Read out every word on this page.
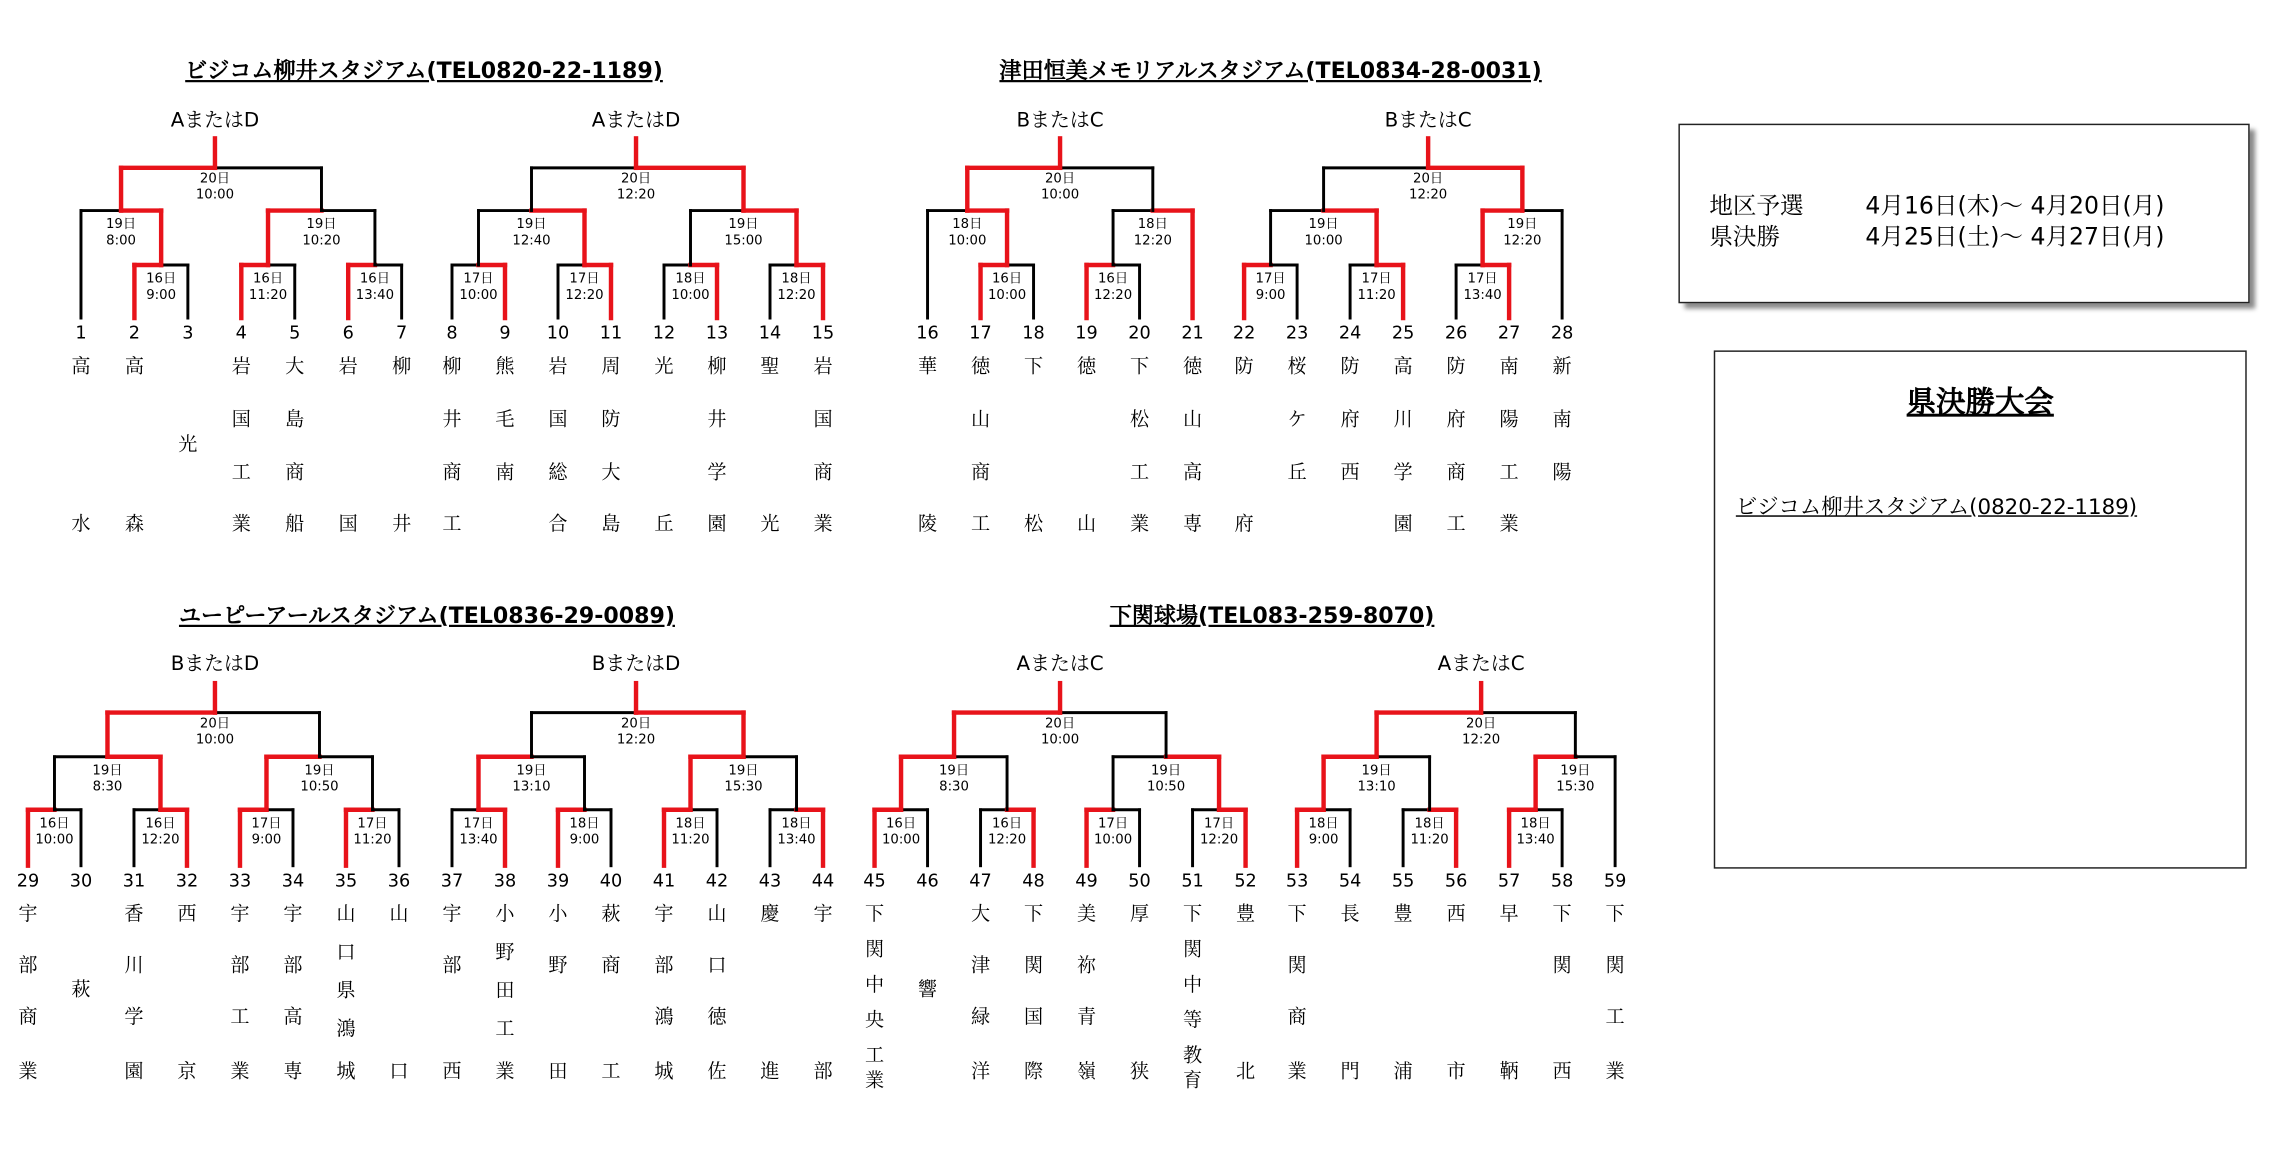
ビジコム柳井スタジアム(TEL0820-22-1189)
AまたはD
1
高水
2
高森
3
光
4
岩国工業
5
大島商船
6
岩国
7
柳井
16日 9:00
16日 11:20
16日 13:40
19日 8:00
19日 10:20
20日 10:00
AまたはD
8
柳井商工
9
熊毛南
10
岩国総合
11
周防大島
12
光丘
13
柳井学園
14
聖光
15
岩国商業
17日 10:00
17日 12:20
18日 10:00
18日 12:20
19日 12:40
19日 15:00
20日 12:20
津田恒美メモリアルスタジアム(TEL0834-28-0031)
BまたはC
16
華陵
17
徳山商工
18
下松
19
徳山
20
下松工業
21
徳山高専
16日 10:00
16日 12:20
18日 10:00
18日 12:20
20日 10:00
BまたはC
22
防府
23
桜ケ丘
24
防府西
25
高川学園
26
防府商工
27
南陽工業
28
新南陽
17日 9:00
17日 11:20
17日 13:40
19日 10:00
19日 12:20
20日 12:20
ユーピーアールスタジアム(TEL0836-29-0089)
BまたはD
29
宇部商業
30
萩
31
香川学園
32
西京
33
宇部工業
34
宇部高専
35
山口県鴻城
36
山口
16日 10:00
16日 12:20
17日 9:00
17日 11:20
19日 8:30
19日 10:50
20日 10:00
BまたはD
37
宇部西
38
小野田工業
39
小野田
40
萩商工
41
宇部鴻城
42
山口徳佐
43
慶進
44
宇部
17日 13:40
18日 9:00
18日 11:20
18日 13:40
19日 13:10
19日 15:30
20日 12:20
下関球場(TEL083-259-8070)
AまたはC
45
下関中央工業
46
響
47
大津緑洋
48
下関国際
49
美祢青嶺
50
厚狭
51
下関中等教育
52
豊北
16日 10:00
16日 12:20
17日 10:00
17日 12:20
19日 8:30
19日 10:50
20日 10:00
AまたはC
53
下関商業
54
長門
55
豊浦
56
西市
57
早鞆
58
下関西
59
下関工業
18日 9:00
18日 11:20
18日 13:40
19日 13:10
19日 15:30
20日 12:20
地区予選	4月16日(木)～ 4月20日(月)
県決勝	4月25日(土)～ 4月27日(月)
県決勝大会
ビジコム柳井スタジアム(0820-22-1189)
